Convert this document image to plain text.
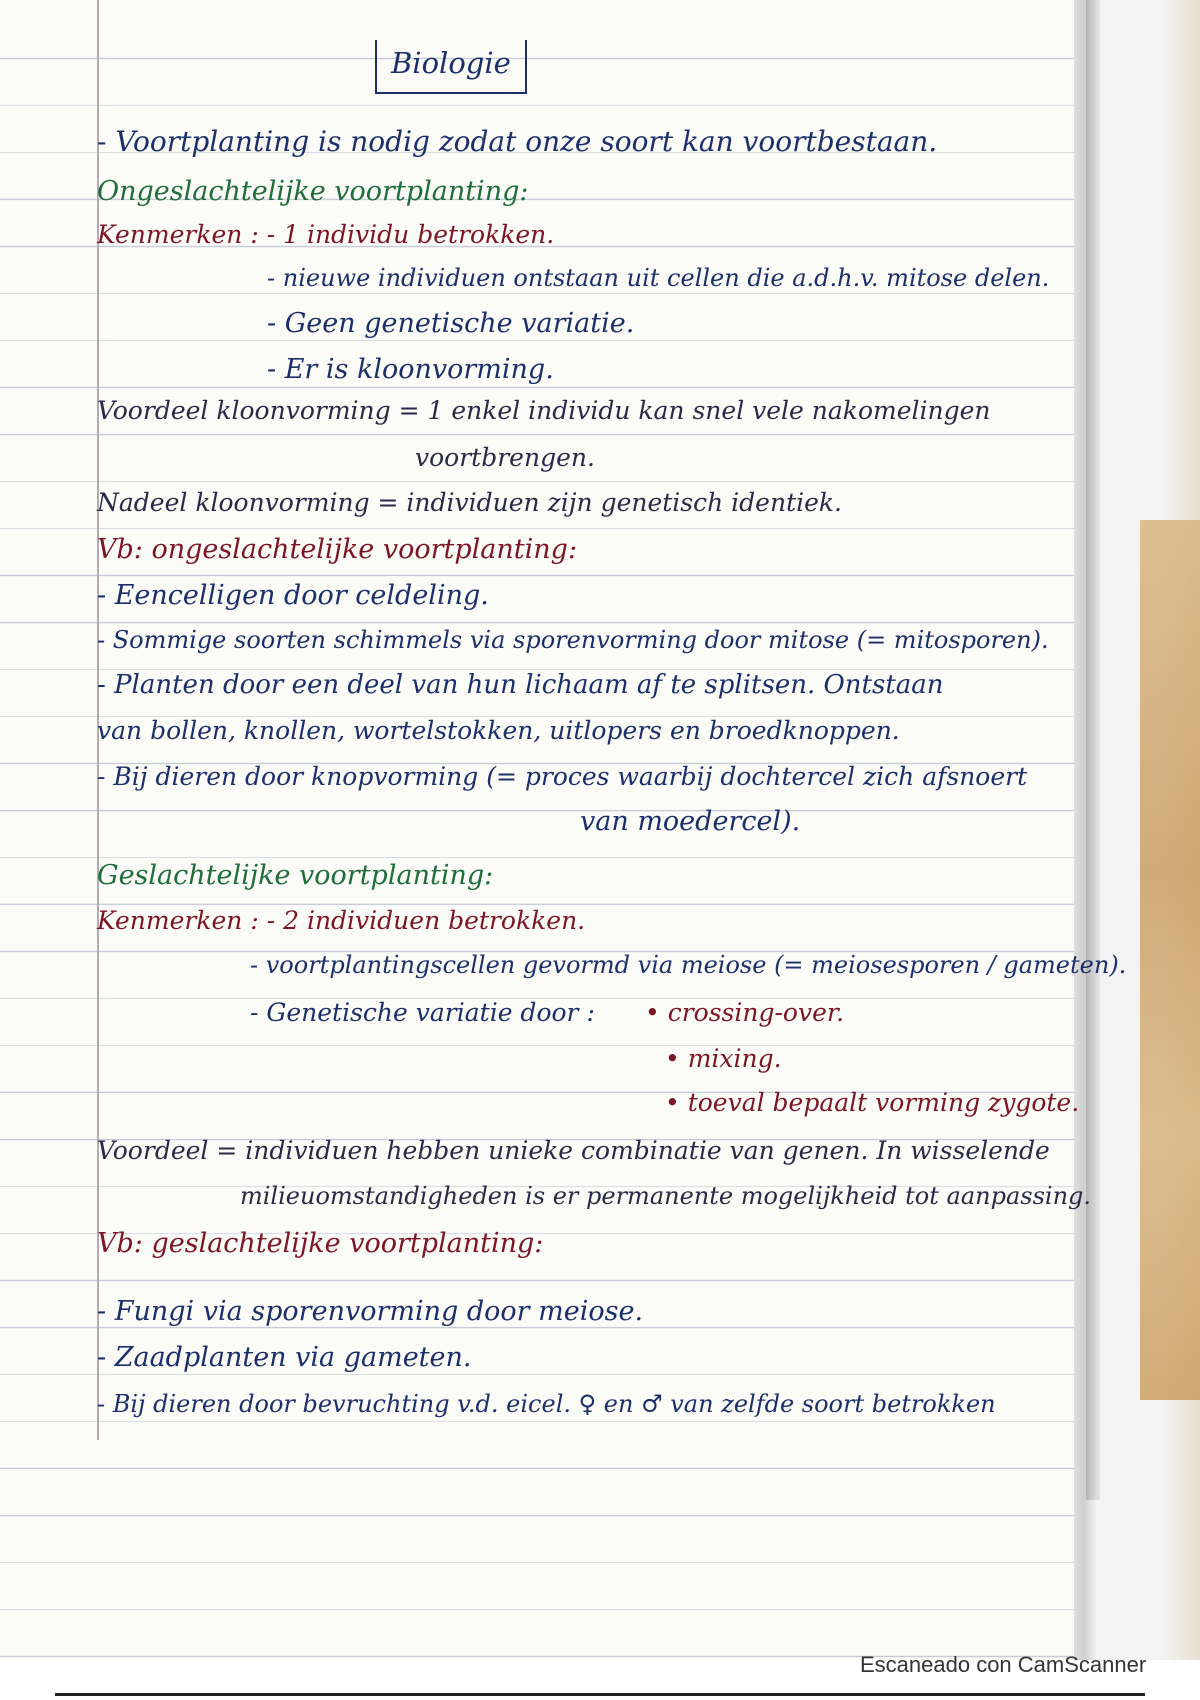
Biologie
- Voortplanting is nodig zodat onze soort kan voortbestaan.
Ongeslachtelijke voortplanting:
Kenmerken : - 1 individu betrokken.
- nieuwe individuen ontstaan uit cellen die a.d.h.v. mitose delen.
- Geen genetische variatie.
- Er is kloonvorming.
Voordeel kloonvorming = 1 enkel individu kan snel vele nakomelingen
voortbrengen.
Nadeel kloonvorming = individuen zijn genetisch identiek.
Vb: ongeslachtelijke voortplanting:
- Eencelligen door celdeling.
- Sommige soorten schimmels via sporenvorming door mitose (= mitosporen).
- Planten door een deel van hun lichaam af te splitsen. Ontstaan
van bollen, knollen, wortelstokken, uitlopers en broedknoppen.
- Bij dieren door knopvorming (= proces waarbij dochtercel zich afsnoert
van moedercel).
Geslachtelijke voortplanting:
Kenmerken : - 2 individuen betrokken.
- voortplantingscellen gevormd via meiose (= meiosesporen / gameten).
- Genetische variatie door : • crossing-over.
• mixing.
• toeval bepaalt vorming zygote.
Voordeel = individuen hebben unieke combinatie van genen. In wisselende
milieuomstandigheden is er permanente mogelijkheid tot aanpassing.
Vb: geslachtelijke voortplanting:
- Fungi via sporenvorming door meiose.
- Zaadplanten via gameten.
- Bij dieren door bevruchting v.d. eicel. ♀ en ♂ van zelfde soort betrokken
Escaneado con CamScanner
